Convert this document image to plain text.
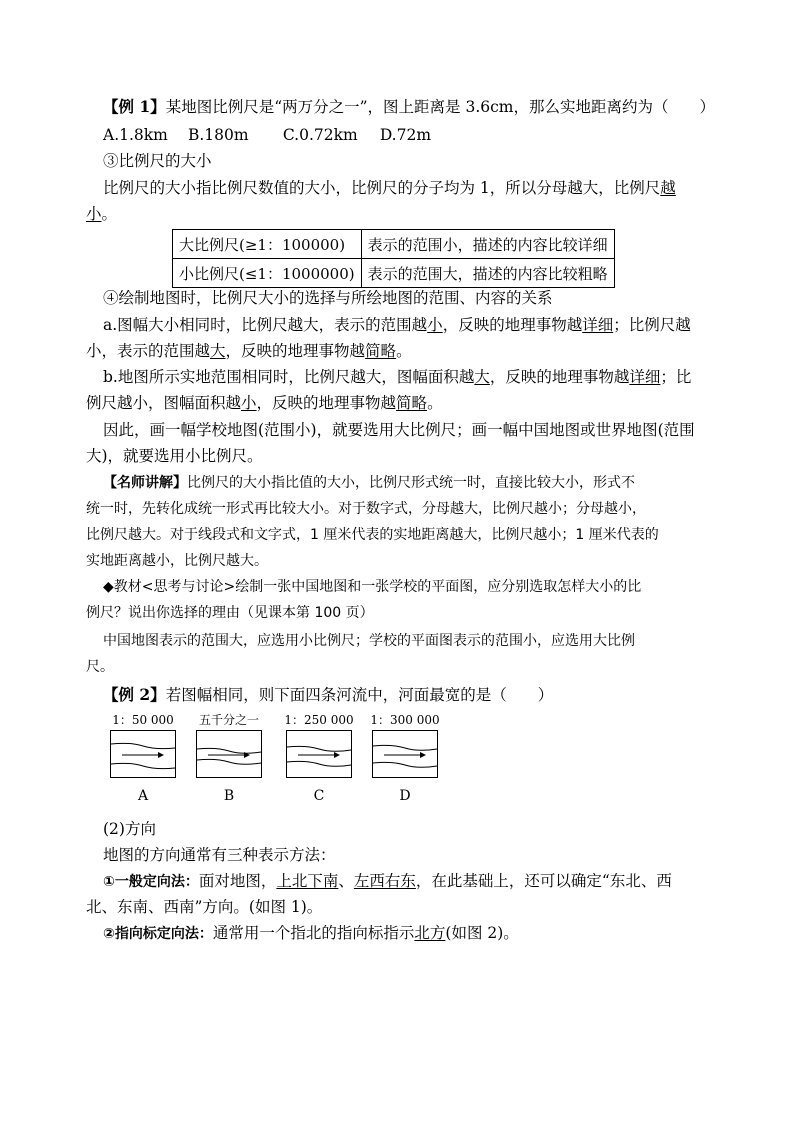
【例 1】某地图比例尺是“两万分之一”，图上距离是 3.6cm，那么实地距离约为（　　）
A.1.8km B.180m C.0.72km D.72m
③比例尺的大小
比例尺的大小指比例尺数值的大小，比例尺的分子均为 1，所以分母越大，比例尺越
小。
大比例尺(≥1：100000)	表示的范围小，描述的内容比较详细
小比例尺(≤1：1000000)	表示的范围大，描述的内容比较粗略
④绘制地图时，比例尺大小的选择与所绘地图的范围、内容的关系
a.图幅大小相同时，比例尺越大，表示的范围越小，反映的地理事物越详细；比例尺越
小，表示的范围越大，反映的地理事物越简略。
b.地图所示实地范围相同时，比例尺越大，图幅面积越大，反映的地理事物越详细；比
例尺越小，图幅面积越小，反映的地理事物越简略。
因此，画一幅学校地图(范围小)，就要选用大比例尺；画一幅中国地图或世界地图(范围
大)，就要选用小比例尺。
【名师讲解】比例尺的大小指比值的大小，比例尺形式统一时，直接比较大小，形式不
统一时，先转化成统一形式再比较大小。对于数字式，分母越大，比例尺越小；分母越小，
比例尺越大。对于线段式和文字式，1 厘米代表的实地距离越大，比例尺越小；1 厘米代表的
实地距离越小，比例尺越大。
◆教材<思考与讨论>绘制一张中国地图和一张学校的平面图，应分别选取怎样大小的比
例尺？说出你选择的理由（见课本第 100 页）
中国地图表示的范围大，应选用小比例尺；学校的平面图表示的范围小，应选用大比例
尺。
【例 2】若图幅相同，则下面四条河流中，河面最宽的是（　　）
1：50 000
A
五千分之一
B
1：250 000
C
1：300 000
D
(2)方向
地图的方向通常有三种表示方法：
①一般定向法：面对地图，上北下南、左西右东，在此基础上，还可以确定“东北、西
北、东南、西南”方向。(如图 1)。
②指向标定向法：通常用一个指北的指向标指示北方(如图 2)。
